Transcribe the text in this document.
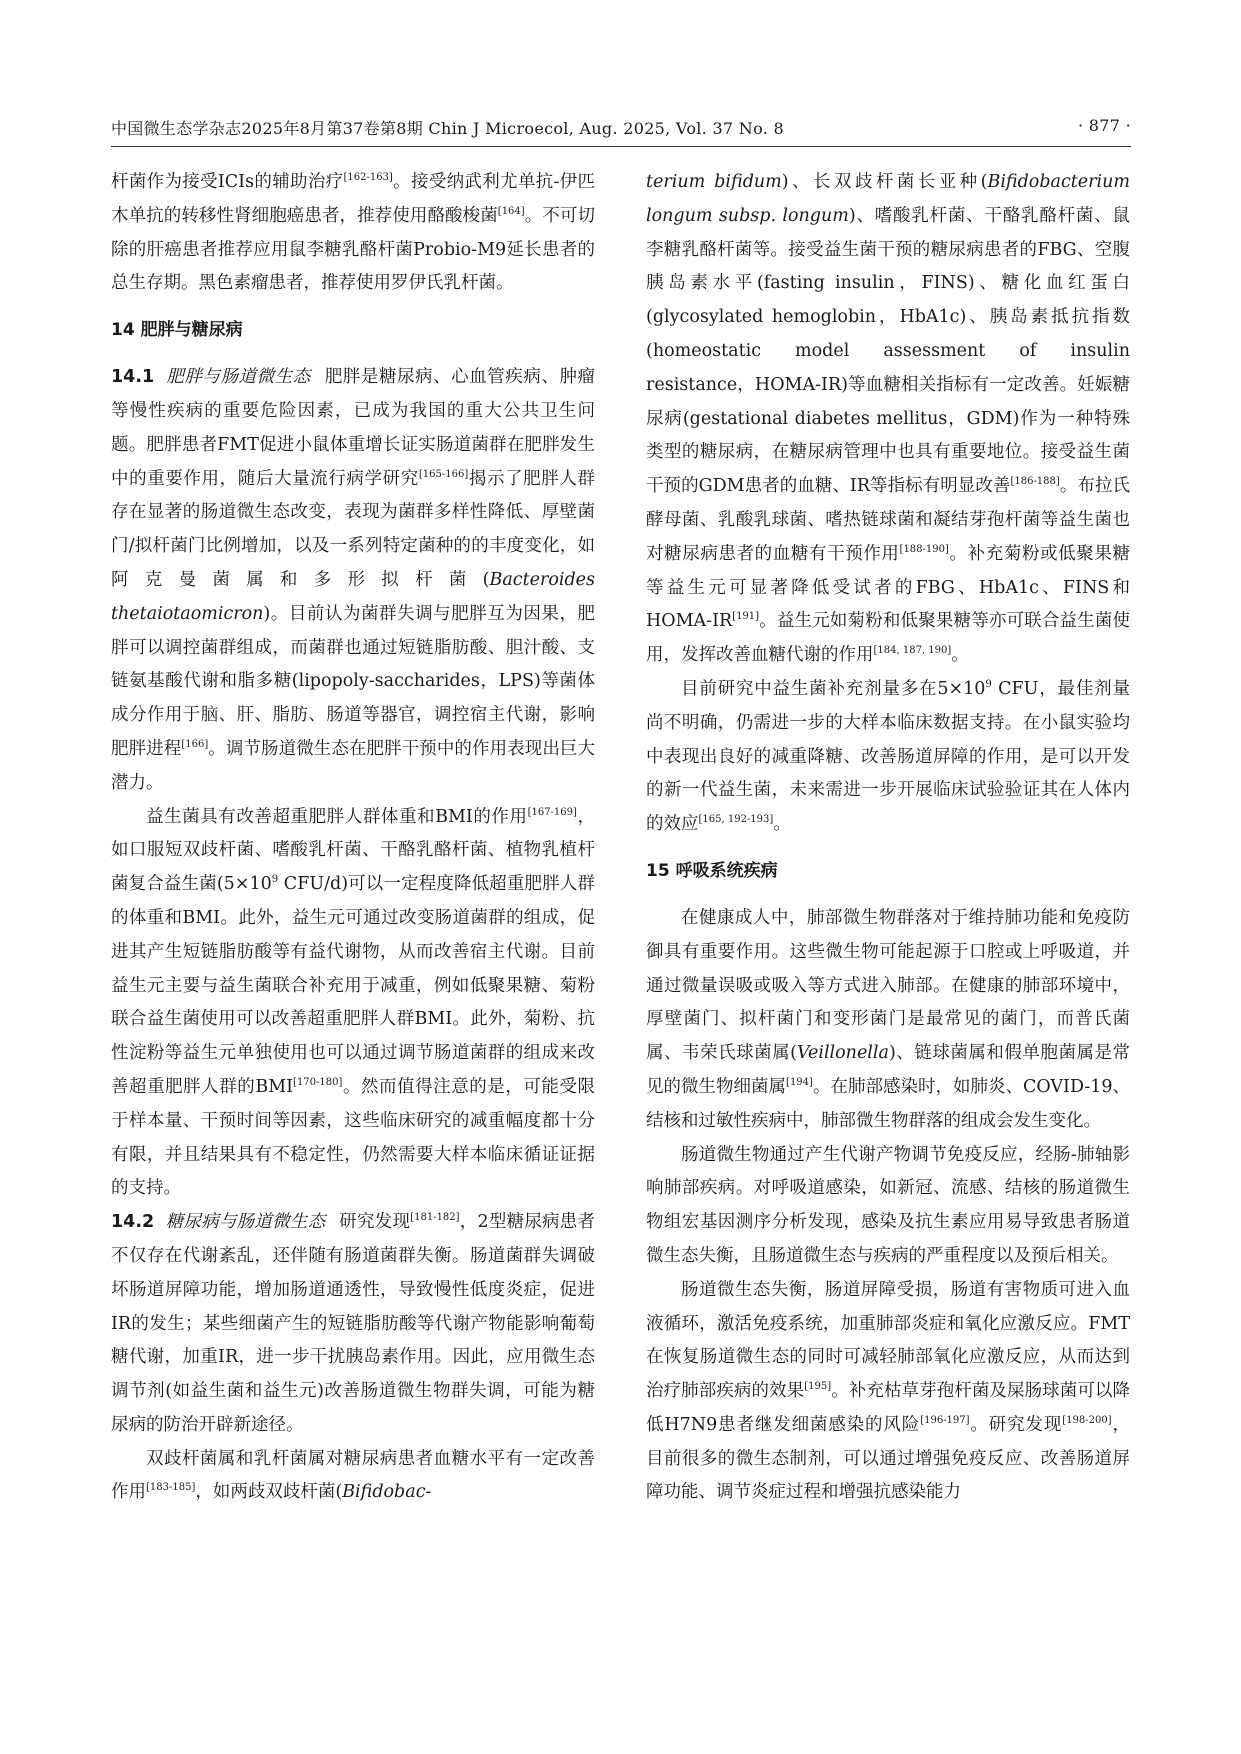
中国微生态学杂志2025年8月第37卷第8期 Chin J Microecol, Aug. 2025, Vol. 37 No. 8	· 877 ·

杆菌作为接受ICIs的辅助治疗[162-163]。接受纳武利尤单抗-伊匹木单抗的转移性肾细胞癌患者，推荐使用酪酸梭菌[164]。不可切除的肝癌患者推荐应用鼠李糖乳酪杆菌Probio-M9延长患者的总生存期。黑色素瘤患者，推荐使用罗伊氏乳杆菌。

14 肥胖与糖尿病

14.1 肥胖与肠道微生态 肥胖是糖尿病、心血管疾病、肿瘤等慢性疾病的重要危险因素，已成为我国的重大公共卫生问题。肥胖患者FMT促进小鼠体重增长证实肠道菌群在肥胖发生中的重要作用，随后大量流行病学研究[165-166]揭示了肥胖人群存在显著的肠道微生态改变，表现为菌群多样性降低、厚壁菌门/拟杆菌门比例增加，以及一系列特定菌种的的丰度变化，如阿克曼菌属和多形拟杆菌(Bacteroides thetaiotaomicron)。目前认为菌群失调与肥胖互为因果，肥胖可以调控菌群组成，而菌群也通过短链脂肪酸、胆汁酸、支链氨基酸代谢和脂多糖(lipopoly-saccharides，LPS)等菌体成分作用于脑、肝、脂肪、肠道等器官，调控宿主代谢，影响肥胖进程[166]。调节肠道微生态在肥胖干预中的作用表现出巨大潜力。

益生菌具有改善超重肥胖人群体重和BMI的作用[167-169]，如口服短双歧杆菌、嗜酸乳杆菌、干酪乳酪杆菌、植物乳植杆菌复合益生菌($5\times 10^9$ CFU/d)可以一定程度降低超重肥胖人群的体重和BMI。此外，益生元可通过改变肠道菌群的组成，促进其产生短链脂肪酸等有益代谢物，从而改善宿主代谢。目前益生元主要与益生菌联合补充用于减重，例如低聚果糖、菊粉联合益生菌使用可以改善超重肥胖人群BMI。此外，菊粉、抗性淀粉等益生元单独使用也可以通过调节肠道菌群的组成来改善超重肥胖人群的BMI[170-180]。然而值得注意的是，可能受限于样本量、干预时间等因素，这些临床研究的减重幅度都十分有限，并且结果具有不稳定性，仍然需要大样本临床循证证据的支持。

14.2 糖尿病与肠道微生态 研究发现[181-182]，2型糖尿病患者不仅存在代谢紊乱，还伴随有肠道菌群失衡。肠道菌群失调破坏肠道屏障功能，增加肠道通透性，导致慢性低度炎症，促进IR的发生；某些细菌产生的短链脂肪酸等代谢产物能影响葡萄糖代谢，加重IR，进一步干扰胰岛素作用。因此，应用微生态调节剂(如益生菌和益生元)改善肠道微生物群失调，可能为糖尿病的防治开辟新途径。

双歧杆菌属和乳杆菌属对糖尿病患者血糖水平有一定改善作用[183-185]，如两歧双歧杆菌(Bifidobac-

terium bifidum)、长双歧杆菌长亚种(Bifidobacterium longum subsp. longum)、嗜酸乳杆菌、干酪乳酪杆菌、鼠李糖乳酪杆菌等。接受益生菌干预的糖尿病患者的FBG、空腹胰岛素水平(fasting insulin，FINS)、糖化血红蛋白(glycosylated hemoglobin，HbA1c)、胰岛素抵抗指数(homeostatic model assessment of insulin resistance，HOMA-IR)等血糖相关指标有一定改善。妊娠糖尿病(gestational diabetes mellitus，GDM)作为一种特殊类型的糖尿病，在糖尿病管理中也具有重要地位。接受益生菌干预的GDM患者的血糖、IR等指标有明显改善[186-188]。布拉氏酵母菌、乳酸乳球菌、嗜热链球菌和凝结芽孢杆菌等益生菌也对糖尿病患者的血糖有干预作用[188-190]。补充菊粉或低聚果糖等益生元可显著降低受试者的FBG、HbA1c、FINS和HOMA-IR[191]。益生元如菊粉和低聚果糖等亦可联合益生菌使用，发挥改善血糖代谢的作用[184, 187, 190]。

目前研究中益生菌补充剂量多在$5\times 10^9$ CFU，最佳剂量尚不明确，仍需进一步的大样本临床数据支持。在小鼠实验均中表现出良好的减重降糖、改善肠道屏障的作用，是可以开发的新一代益生菌，未来需进一步开展临床试验验证其在人体内的效应[165, 192-193]。

15 呼吸系统疾病

在健康成人中，肺部微生物群落对于维持肺功能和免疫防御具有重要作用。这些微生物可能起源于口腔或上呼吸道，并通过微量误吸或吸入等方式进入肺部。在健康的肺部环境中，厚壁菌门、拟杆菌门和变形菌门是最常见的菌门，而普氏菌属、韦荣氏球菌属(Veillonella)、链球菌属和假单胞菌属是常见的微生物细菌属[194]。在肺部感染时，如肺炎、COVID-19、结核和过敏性疾病中，肺部微生物群落的组成会发生变化。

肠道微生物通过产生代谢产物调节免疫反应，经肠-肺轴影响肺部疾病。对呼吸道感染，如新冠、流感、结核的肠道微生物组宏基因测序分析发现，感染及抗生素应用易导致患者肠道微生态失衡，且肠道微生态与疾病的严重程度以及预后相关。

肠道微生态失衡，肠道屏障受损，肠道有害物质可进入血液循环，激活免疫系统，加重肺部炎症和氧化应激反应。FMT在恢复肠道微生态的同时可减轻肺部氧化应激反应，从而达到治疗肺部疾病的效果[195]。补充枯草芽孢杆菌及屎肠球菌可以降低H7N9患者继发细菌感染的风险[196-197]。研究发现[198-200]，目前很多的微生态制剂，可以通过增强免疫反应、改善肠道屏障功能、调节炎症过程和增强抗感染能力
